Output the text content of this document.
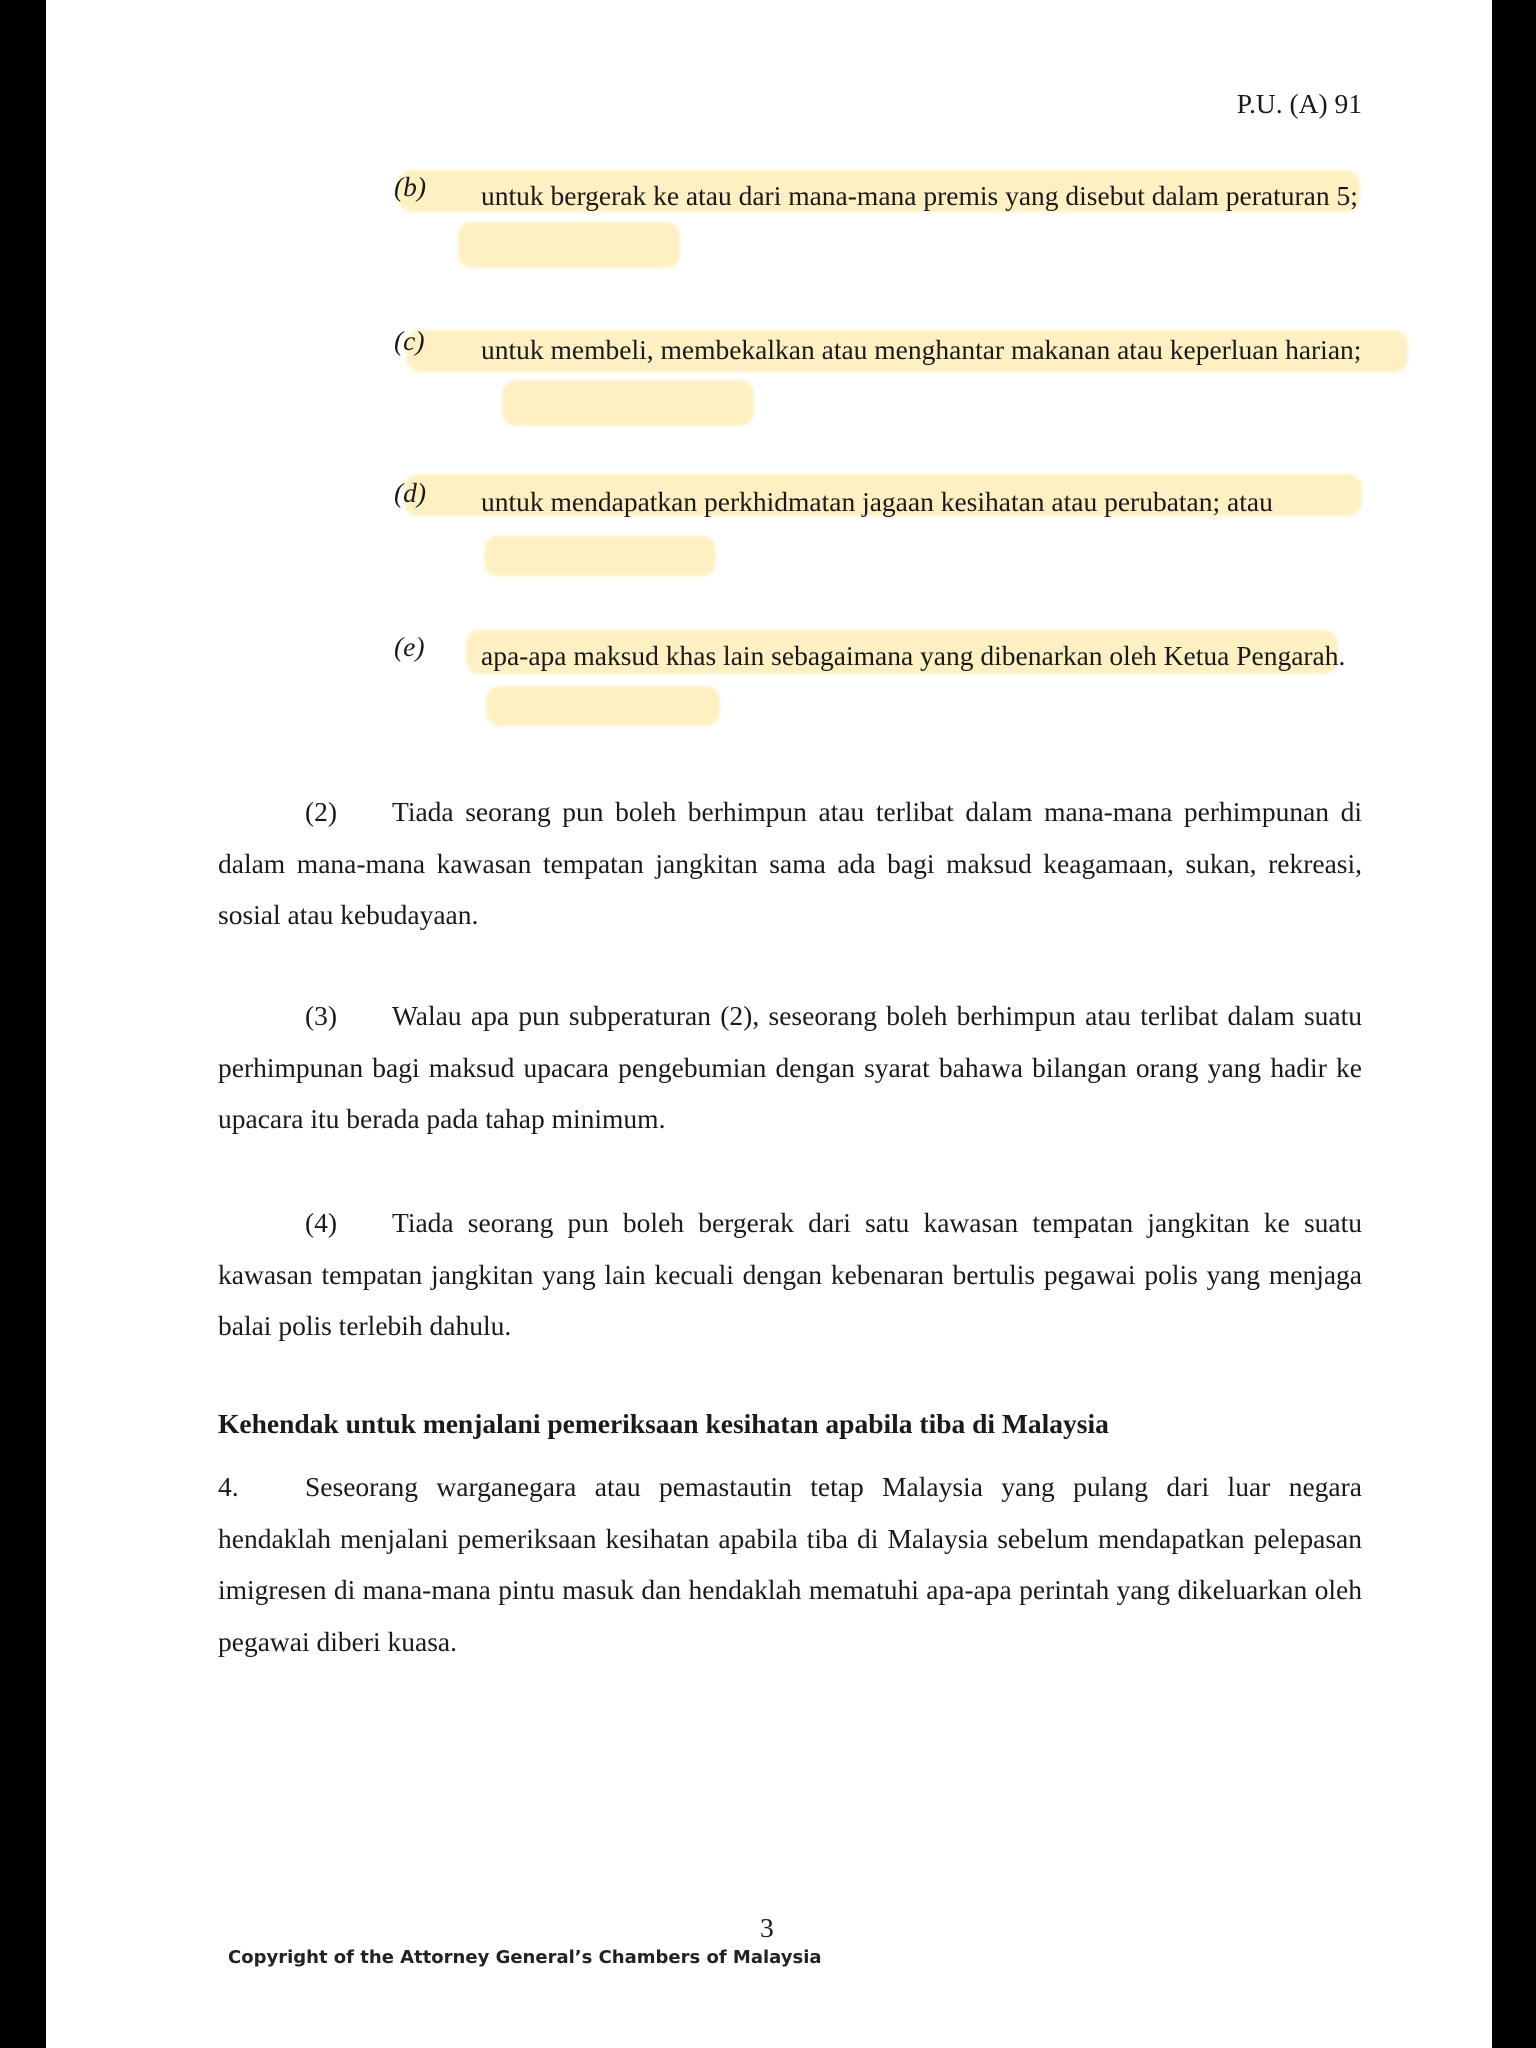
P.U. (A) 91
(b) untuk bergerak ke atau dari mana-mana premis yang disebut dalam peraturan 5;
(c) untuk membeli, membekalkan atau menghantar makanan atau keperluan harian;
(d) untuk mendapatkan perkhidmatan jagaan kesihatan atau perubatan; atau
(e) apa-apa maksud khas lain sebagaimana yang dibenarkan oleh Ketua Pengarah.
(2) Tiada seorang pun boleh berhimpun atau terlibat dalam mana-mana perhimpunan di dalam mana-mana kawasan tempatan jangkitan sama ada bagi maksud keagamaan, sukan, rekreasi, sosial atau kebudayaan.
(3) Walau apa pun subperaturan (2), seseorang boleh berhimpun atau terlibat dalam suatu perhimpunan bagi maksud upacara pengebumian dengan syarat bahawa bilangan orang yang hadir ke upacara itu berada pada tahap minimum.
(4) Tiada seorang pun boleh bergerak dari satu kawasan tempatan jangkitan ke suatu kawasan tempatan jangkitan yang lain kecuali dengan kebenaran bertulis pegawai polis yang menjaga balai polis terlebih dahulu.
Kehendak untuk menjalani pemeriksaan kesihatan apabila tiba di Malaysia
4. Seseorang warganegara atau pemastautin tetap Malaysia yang pulang dari luar negara hendaklah menjalani pemeriksaan kesihatan apabila tiba di Malaysia sebelum mendapatkan pelepasan imigresen di mana-mana pintu masuk dan hendaklah mematuhi apa-apa perintah yang dikeluarkan oleh pegawai diberi kuasa.
3
Copyright of the Attorney General’s Chambers of Malaysia
